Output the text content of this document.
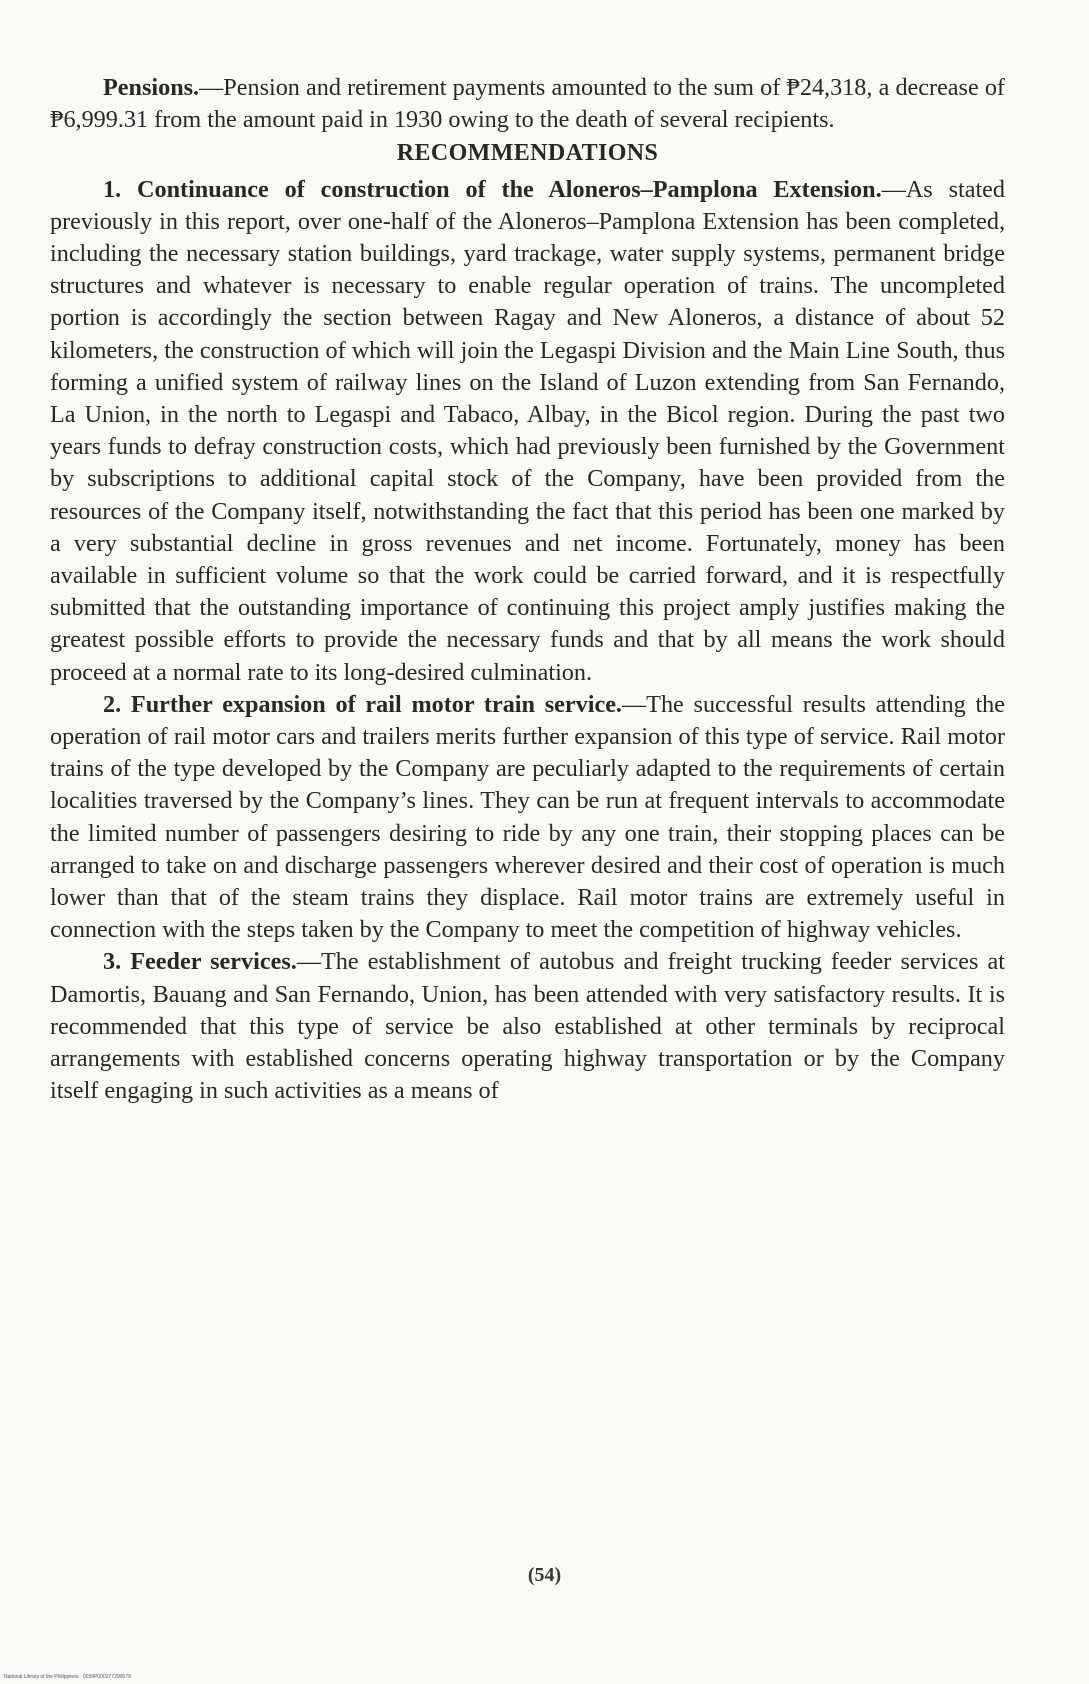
Pensions.—Pension and retirement payments amounted to the sum of ₱24,318, a decrease of ₱6,999.31 from the amount paid in 1930 owing to the death of several recipients.

RECOMMENDATIONS

1. Continuance of construction of the Aloneros–Pamplona Extension.—As stated previously in this report, over one-half of the Aloneros–Pamplona Extension has been completed, including the necessary station buildings, yard trackage, water supply systems, permanent bridge structures and whatever is necessary to enable regular operation of trains. The uncompleted portion is accordingly the section between Ragay and New Aloneros, a distance of about 52 kilometers, the construction of which will join the Legaspi Division and the Main Line South, thus forming a unified system of railway lines on the Island of Luzon extending from San Fernando, La Union, in the north to Legaspi and Tabaco, Albay, in the Bicol region. During the past two years funds to defray construction costs, which had previously been furnished by the Government by subscriptions to additional capital stock of the Company, have been provided from the resources of the Company itself, notwithstanding the fact that this period has been one marked by a very substantial decline in gross revenues and net income. Fortunately, money has been available in sufficient volume so that the work could be carried forward, and it is respectfully submitted that the outstanding importance of continuing this project amply justifies making the greatest possible efforts to provide the necessary funds and that by all means the work should proceed at a normal rate to its long-desired culmination.

2. Further expansion of rail motor train service.—The successful results attending the operation of rail motor cars and trailers merits further expansion of this type of service. Rail motor trains of the type developed by the Company are peculiarly adapted to the requirements of certain localities traversed by the Company’s lines. They can be run at frequent intervals to accommodate the limited number of passengers desiring to ride by any one train, their stopping places can be arranged to take on and discharge passengers wherever desired and their cost of operation is much lower than that of the steam trains they displace. Rail motor trains are extremely useful in connection with the steps taken by the Company to meet the competition of highway vehicles.

3. Feeder services.—The establishment of autobus and freight trucking feeder services at Damortis, Bauang and San Fernando, Union, has been attended with very satisfactory results. It is recommended that this type of service be also established at other terminals by reciprocal arrangements with established concerns operating highway transportation or by the Company itself engaging in such activities as a means of

(54)
National Library of the Philippines · 0039P000377200679
